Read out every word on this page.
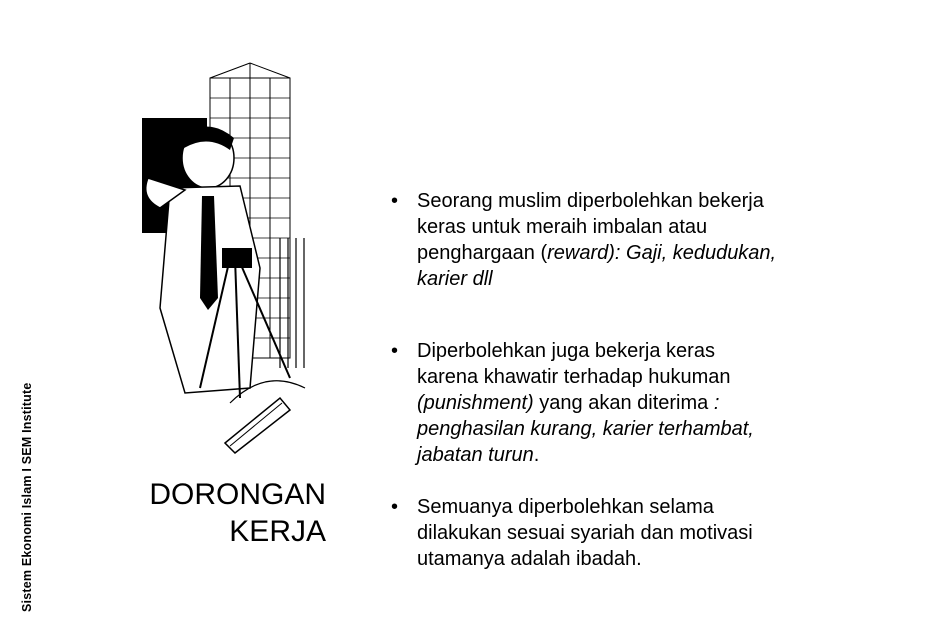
Sistem Ekonomi Islam I SEM Institute	DORONGAN
KERJA
• Seorang muslim diperbolehkan bekerja
keras untuk meraih imbalan atau
penghargaan (reward): Gaji, kedudukan,
karier dll
• Diperbolehkan juga bekerja keras
karena khawatir terhadap hukuman
(punishment) yang akan diterima :
penghasilan kurang, karier terhambat,
jabatan turun.
• Semuanya diperbolehkan selama
dilakukan sesuai syariah dan motivasi
utamanya adalah ibadah.
